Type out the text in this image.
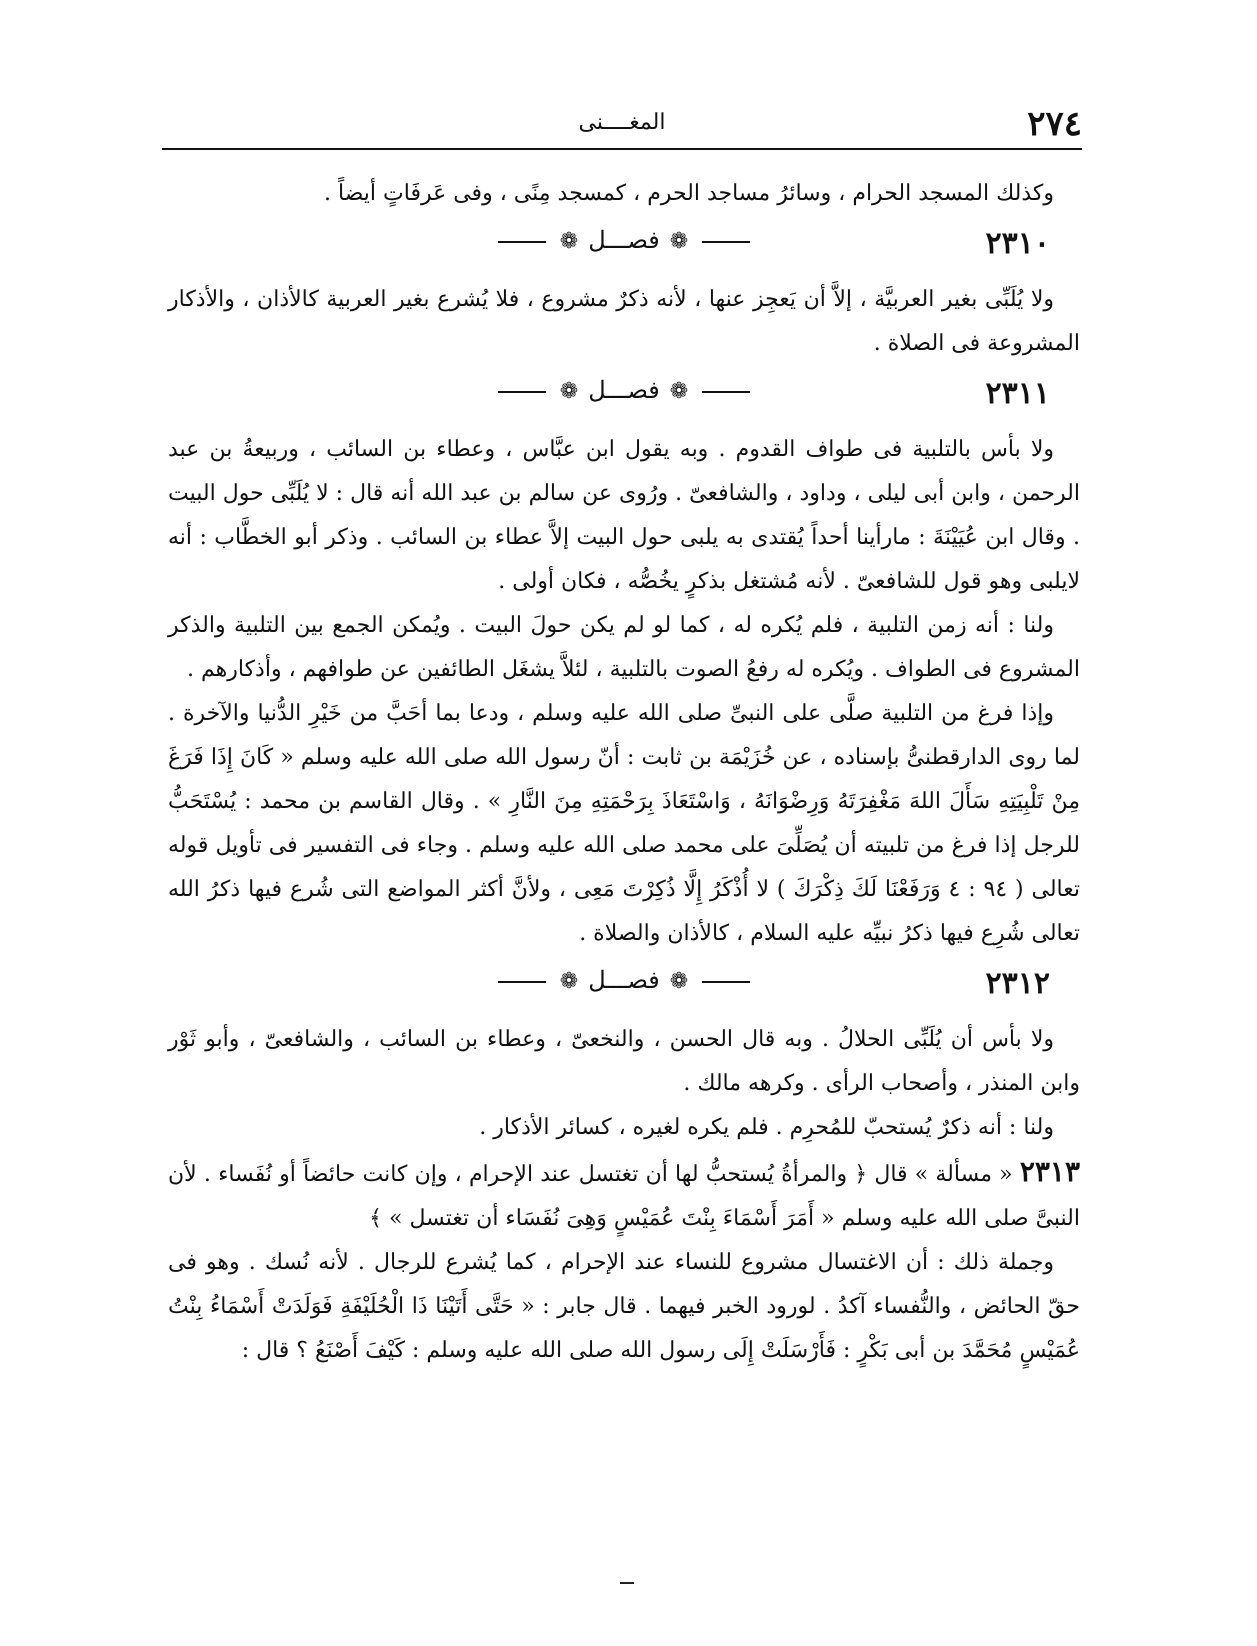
٢٧٤
المغــــنى

وكذلك المسجد الحرام ، وسائرُ مساجد الحرم ، كمسجد مِنًى ، وفى عَرفَاتٍ أيضاً .

٢٣١٠
❁فصـــل❁

ولا يُلَبِّى بغير العربيَّة ، إلاَّ أن يَعجِز عنها ، لأنه ذكرٌ مشروع ، فلا يُشرع بغير العربية كالأذان ، والأذكار المشروعة فى الصلاة .

٢٣١١
❁فصـــل❁

ولا بأس بالتلبية فى طواف القدوم . وبه يقول ابن عبَّاس ، وعطاء بن السائب ، وربيعةُ بن عبد الرحمن ، وابن أبى ليلى ، وداود ، والشافعىّ . ورُوى عن سالم بن عبد الله أنه قال : لا يُلَبِّى حول البيت . وقال ابن عُيَيْنَةَ : مارأينا أحداً يُقتدى به يلبى حول البيت إلاَّ عطاء بن السائب . وذكر أبو الخطَّاب : أنه لايلبى وهو قول للشافعىّ . لأنه مُشتغل بذكرٍ يخُصُّه ، فكان أولى .

ولنا : أنه زمن التلبية ، فلم يُكره له ، كما لو لم يكن حولَ البيت . ويُمكن الجمع بين التلبية والذكر المشروع فى الطواف . ويُكره له رفعُ الصوت بالتلبية ، لئلاَّ يشغَل الطائفين عن طوافهم ، وأذكارهم .

وإذا فرغ من التلبية صلَّى على النبىِّ صلى الله عليه وسلم ، ودعا بما أحَبَّ من خَيْرِ الدُّنيا والآخرة . لما روى الدارقطنىُّ بإسناده ، عن خُزَيْمَة بن ثابت : أنّ رسول الله صلى الله عليه وسلم « كَانَ إِذَا فَرَغَ مِنْ تَلْبِيَتِهِ سَأَلَ اللهَ مَغْفِرَتَهُ وَرِضْوَانَهُ ، وَاسْتَعَاذَ بِرَحْمَتِهِ مِنَ النَّارِ » . وقال القاسم بن محمد : يُسْتَحَبُّ للرجل إذا فرغ من تلبيته أن يُصَلِّىَ على محمد صلى الله عليه وسلم . وجاء فى التفسير فى تأويل قوله تعالى ( ٩٤ : ٤ وَرَفَعْنَا لَكَ ذِكْرَكَ ) لا أُذْكَرُ إِلَّا ذُكِرْتَ مَعِى ، ولأنَّ أكثر المواضع التى شُرع فيها ذكرُ الله تعالى شُرِع فيها ذكرُ نبيِّه عليه السلام ، كالأذان والصلاة .

٢٣١٢
❁فصـــل❁

ولا بأس أن يُلَبِّى الحلالُ . وبه قال الحسن ، والنخعىّ ، وعطاء بن السائب ، والشافعىّ ، وأبو ثَوْر وابن المنذر ، وأصحاب الرأى . وكرهه مالك .

ولنا : أنه ذكرٌ يُستحبّ للمُحرِم . فلم يكره لغيره ، كسائر الأذكار .

٢٣١٣ « مسألة » قال ﴿ والمرأةُ يُستحبُّ لها أن تغتسل عند الإحرام ، وإن كانت حائضاً أو نُفَساء . لأن النبىَّ صلى الله عليه وسلم « أَمَرَ أَسْمَاءَ بِنْتَ عُمَيْسٍ وَهِىَ نُفَسَاء أن تغتسل » ﴾

وجملة ذلك : أن الاغتسال مشروع للنساء عند الإحرام ، كما يُشرع للرجال . لأنه نُسك . وهو فى حقّ الحائض ، والنُّفساء آكدُ . لورود الخبر فيهما . قال جابر : « حَتَّى أَتَيْنَا ذَا الْحُلَيْفَةِ فَوَلَدَتْ أَسْمَاءُ بِنْتُ عُمَيْسٍ مُحَمَّدَ بن أبى بَكْرٍ : فَأَرْسَلَتْ إِلَى رسول الله صلى الله عليه وسلم : كَيْفَ أَصْنَعُ ؟ قال :
